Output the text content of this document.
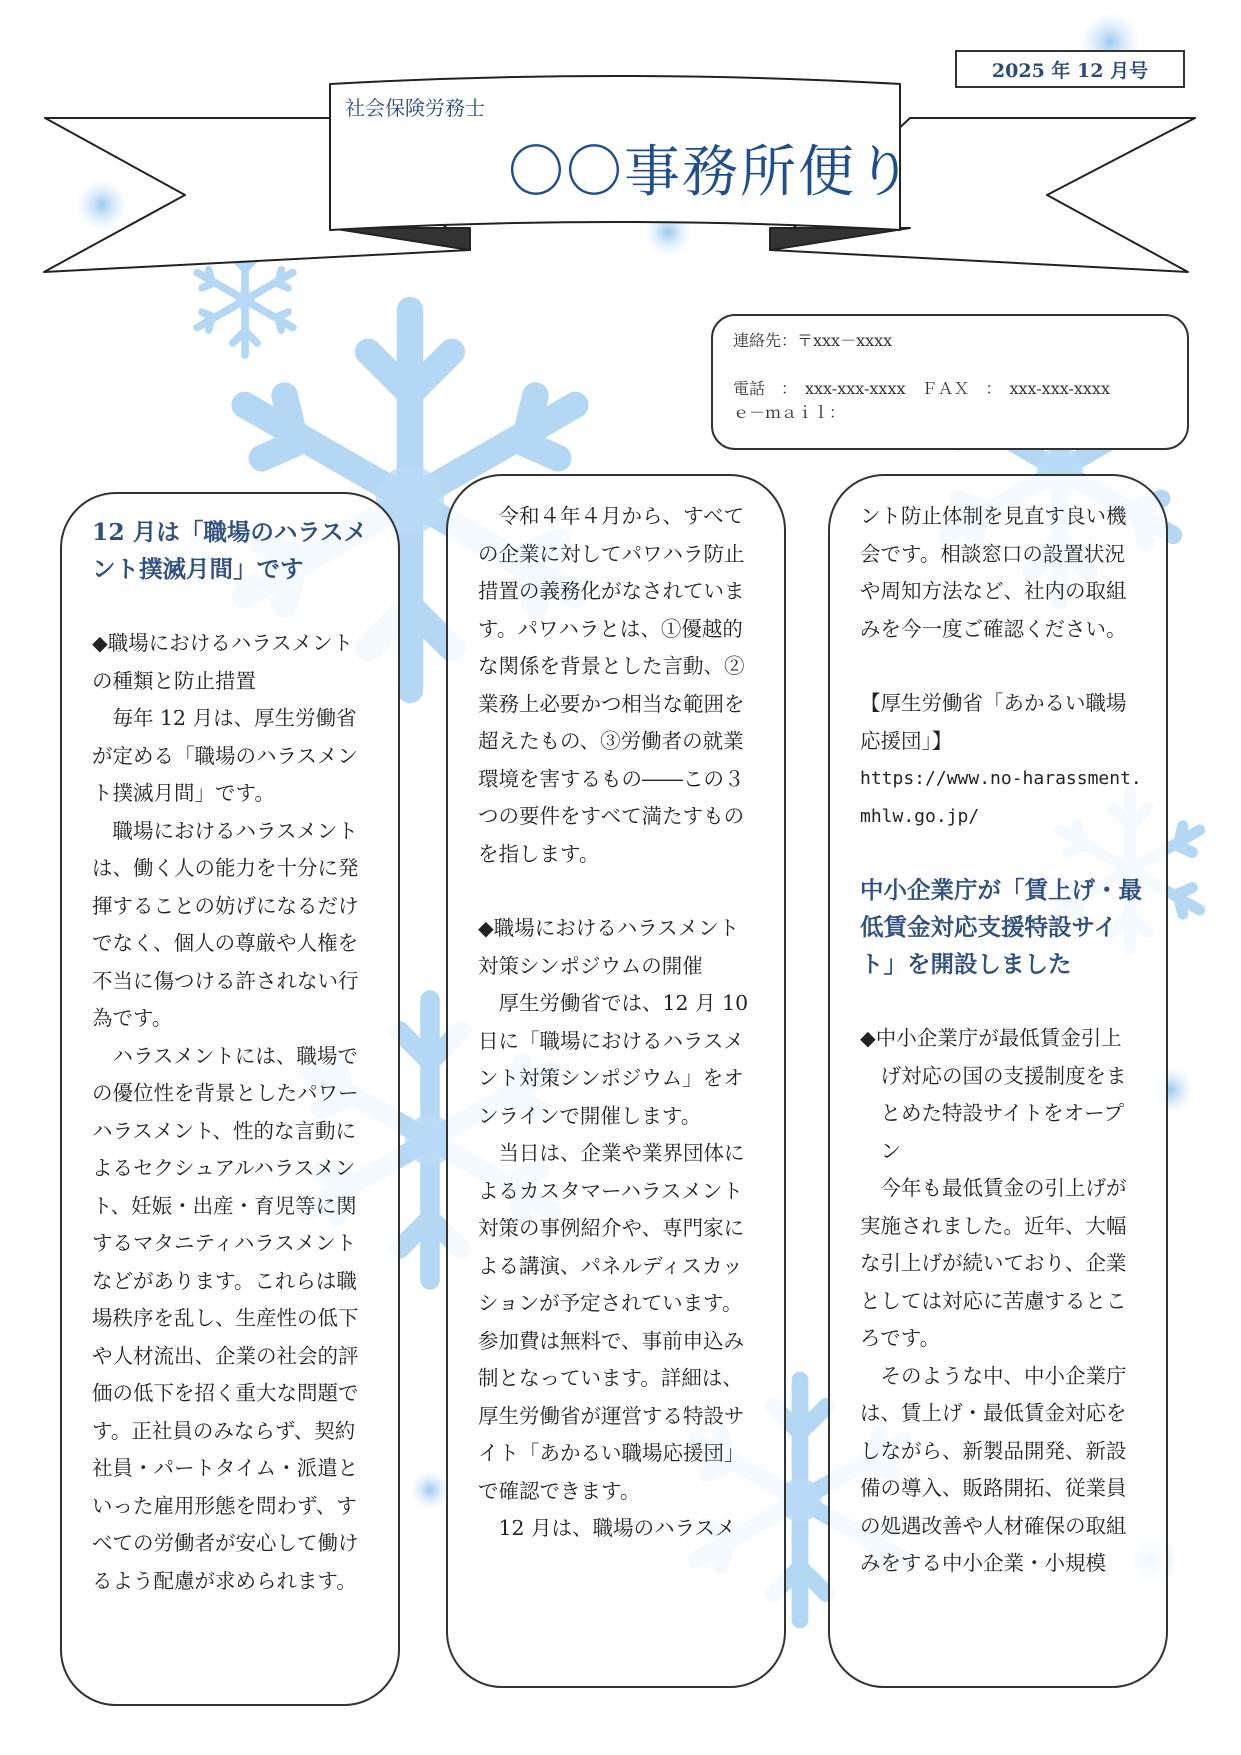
2025 年 12 月号
社会保険労務士
〇〇事務所便り
連絡先：〒xxx－xxxx
電話　：　xxx-xxx-xxxx　ＦＡＸ　：　xxx-xxx-xxxx
ｅ－ｍａｉｌ：
12 月は「職場のハラスメント撲滅月間」です

◆職場におけるハラスメントの種類と防止措置

毎年 12 月は、厚生労働省が定める「職場のハラスメント撲滅月間」です。

職場におけるハラスメントは、働く人の能力を十分に発揮することの妨げになるだけでなく、個人の尊厳や人権を不当に傷つける許されない行為です。

ハラスメントには、職場での優位性を背景としたパワーハラスメント、性的な言動によるセクシュアルハラスメント、妊娠・出産・育児等に関するマタニティハラスメントなどがあります。これらは職場秩序を乱し、生産性の低下や人材流出、企業の社会的評価の低下を招く重大な問題です。正社員のみならず、契約社員・パートタイム・派遣といった雇用形態を問わず、すべての労働者が安心して働けるよう配慮が求められます。

令和４年４月から、すべての企業に対してパワハラ防止措置の義務化がなされています。パワハラとは、①優越的な関係を背景とした言動、②業務上必要かつ相当な範囲を超えたもの、③労働者の就業環境を害するもの――この３つの要件をすべて満たすものを指します。

◆職場におけるハラスメント対策シンポジウムの開催

厚生労働省では、12 月 10 日に「職場におけるハラスメント対策シンポジウム」をオンラインで開催します。

当日は、企業や業界団体によるカスタマーハラスメント対策の事例紹介や、専門家による講演、パネルディスカッションが予定されています。参加費は無料で、事前申込み制となっています。詳細は、厚生労働省が運営する特設サイト「あかるい職場応援団」で確認できます。

12 月は、職場のハラスメ

ント防止体制を見直す良い機会です。相談窓口の設置状況や周知方法など、社内の取組みを今一度ご確認ください。

【厚生労働省「あかるい職場応援団」】

https://www.no-harassment.mhlw.go.jp/

中小企業庁が「賃上げ・最低賃金対応支援特設サイト」を開設しました

◆中小企業庁が最低賃金引上げ対応の国の支援制度をまとめた特設サイトをオープン

今年も最低賃金の引上げが実施されました。近年、大幅な引上げが続いており、企業としては対応に苦慮するところです。

そのような中、中小企業庁は、賃上げ・最低賃金対応をしながら、新製品開発、新設備の導入、販路開拓、従業員の処遇改善や人材確保の取組みをする中小企業・小規模
